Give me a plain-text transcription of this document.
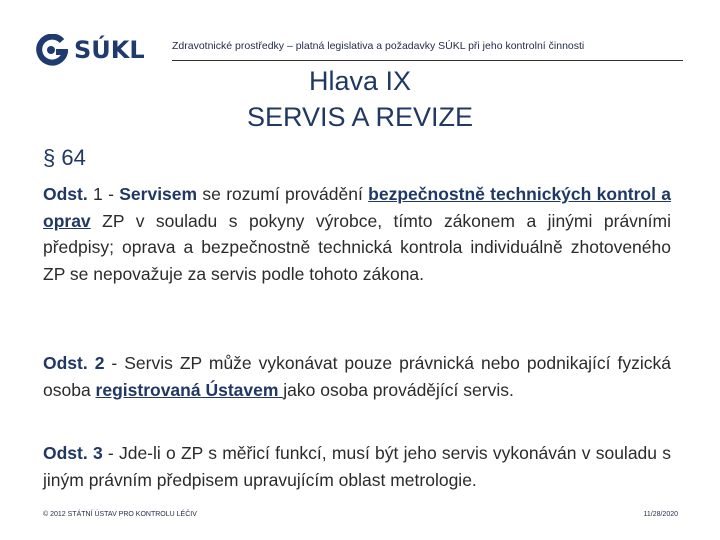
SÚKL	Zdravotnické prostředky – platná legislativa a požadavky SÚKL při jeho kontrolní činnosti
Hlava IX
SERVIS A REVIZE
§ 64
Odst. 1 - Servisem se rozumí provádění bezpečnostně technických kontrol a oprav ZP v souladu s pokyny výrobce, tímto zákonem a jinými právními předpisy; oprava a bezpečnostně technická kontrola individuálně zhotoveného ZP se nepovažuje za servis podle tohoto zákona.
Odst. 2 - Servis ZP může vykonávat pouze právnická nebo podnikající fyzická osoba registrovaná Ústavem jako osoba provádějící servis.
Odst. 3 - Jde-li o ZP s měřicí funkcí, musí být jeho servis vykonáván v souladu s jiným právním předpisem upravujícím oblast metrologie.
© 2012 STÁTNÍ ÚSTAV PRO KONTROLU LÉČIV	11/28/2020
